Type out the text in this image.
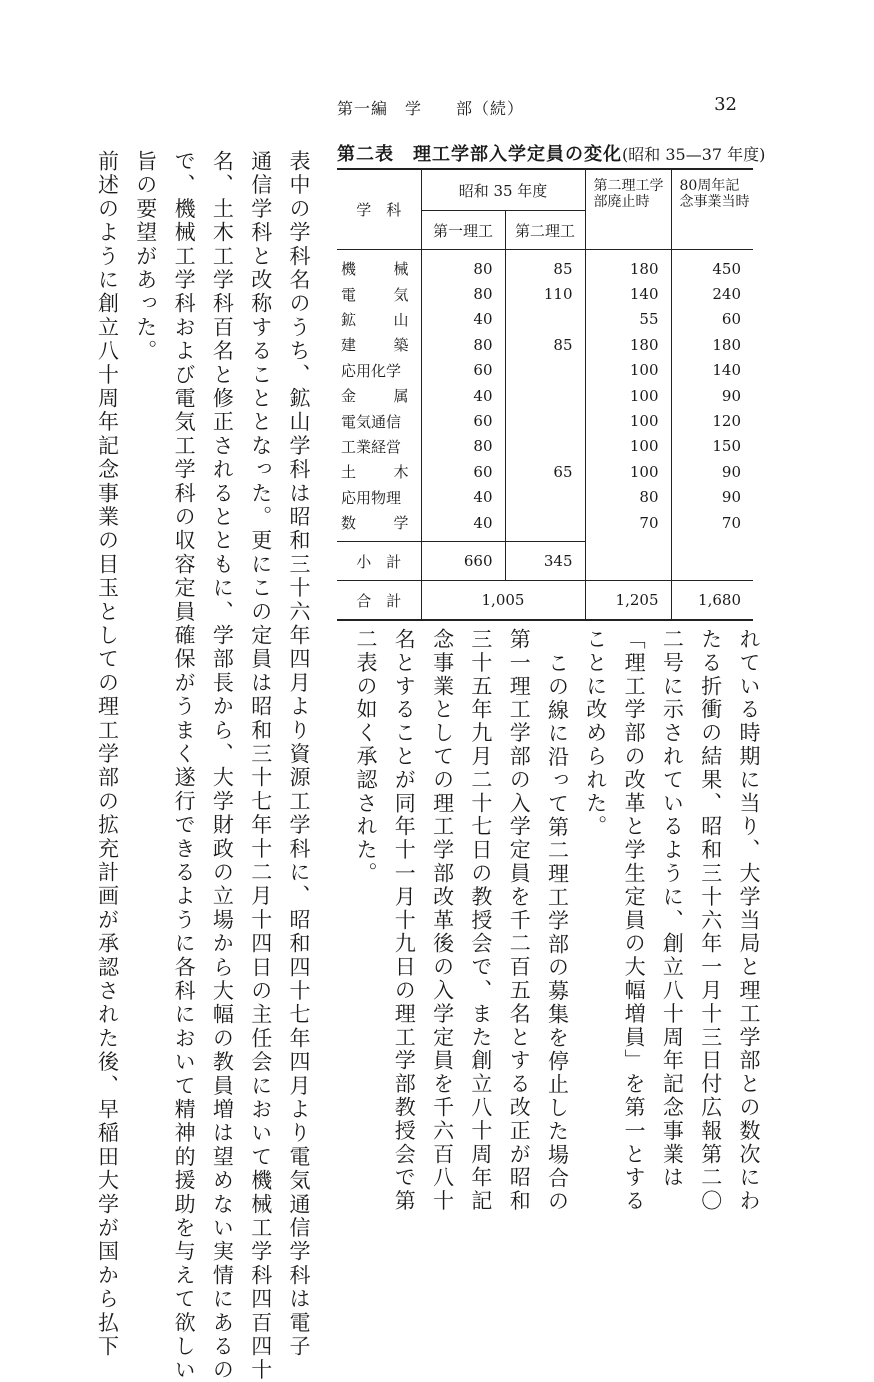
第一編　学　　部（続）	32
第二表　理工学部入学定員の変化(昭和 35—37 年度)
学　科	昭和 35 年度		第二理工学部廃止時	80周年記念事業当時

	第一理工	第二理工		
機械	80	85	180	450
電気	80	110	140	240
鉱山	40		55	60
建築	80	85	180	180
応用化学	60		100	140
金属	40		100	90
電気通信	60		100	120
工業経営	80		100	150
土木	60	65	100	90
応用物理	40		80	90
数学	40		70	70
小　計	660	345		
合　計	1,005		1,205	1,680
れている時期に当り、大学当局と理工学部との数次にわ
たる折衝の結果、昭和三十六年一月十三日付広報第二〇
二号に示されているように、創立八十周年記念事業は
「理工学部の改革と学生定員の大幅増員」を第一とする
ことに改められた。
この線に沿って第二理工学部の募集を停止した場合の
第一理工学部の入学定員を千二百五名とする改正が昭和
三十五年九月二十七日の教授会で、また創立八十周年記
念事業としての理工学部改革後の入学定員を千六百八十
名とすることが同年十一月十九日の理工学部教授会で第
二表の如く承認された。
表中の学科名のうち、鉱山学科は昭和三十六年四月より資源工学科に、昭和四十七年四月より電気通信学科は電子
通信学科と改称することとなった。更にこの定員は昭和三十七年十二月十四日の主任会において機械工学科四百四十
名、土木工学科百名と修正されるとともに、学部長から、大学財政の立場から大幅の教員増は望めない実情にあるの
で、機械工学科および電気工学科の収容定員確保がうまく遂行できるように各科において精神的援助を与えて欲しい
旨の要望があった。
前述のように創立八十周年記念事業の目玉としての理工学部の拡充計画が承認された後、早稲田大学が国から払下
